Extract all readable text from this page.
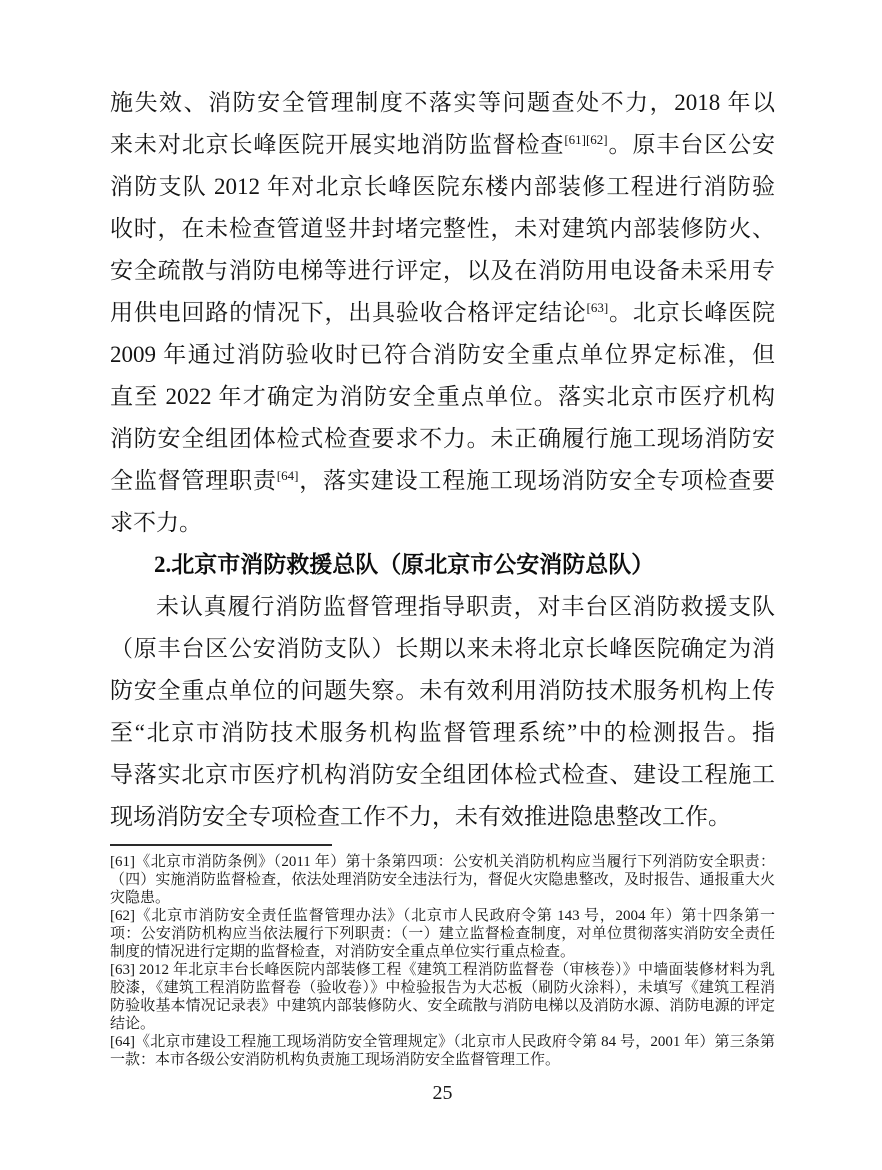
施失效、消防安全管理制度不落实等问题查处不力，2018 年以
来未对北京长峰医院开展实地消防监督检查[61][62]。原丰台区公安
消防支队 2012 年对北京长峰医院东楼内部装修工程进行消防验
收时，在未检查管道竖井封堵完整性，未对建筑内部装修防火、
安全疏散与消防电梯等进行评定，以及在消防用电设备未采用专
用供电回路的情况下，出具验收合格评定结论[63]。北京长峰医院
2009 年通过消防验收时已符合消防安全重点单位界定标准，但
直至 2022 年才确定为消防安全重点单位。落实北京市医疗机构
消防安全组团体检式检查要求不力。未正确履行施工现场消防安
全监督管理职责[64]，落实建设工程施工现场消防安全专项检查要
求不力。
2.北京市消防救援总队（原北京市公安消防总队）
未认真履行消防监督管理指导职责，对丰台区消防救援支队
（原丰台区公安消防支队）长期以来未将北京长峰医院确定为消
防安全重点单位的问题失察。未有效利用消防技术服务机构上传
至“北京市消防技术服务机构监督管理系统”中的检测报告。指
导落实北京市医疗机构消防安全组团体检式检查、建设工程施工
现场消防安全专项检查工作不力，未有效推进隐患整改工作。

[61]《北京市消防条例》（2011 年）第十条第四项：公安机关消防机构应当履行下列消防安全职责：（四）实施消防监督检查，依法处理消防安全违法行为，督促火灾隐患整改，及时报告、通报重大火灾隐患。

[62]《北京市消防安全责任监督管理办法》（北京市人民政府令第 143 号，2004 年）第十四条第一项：公安消防机构应当依法履行下列职责：（一）建立监督检查制度，对单位贯彻落实消防安全责任制度的情况进行定期的监督检查，对消防安全重点单位实行重点检查。

[63] 2012 年北京丰台长峰医院内部装修工程《建筑工程消防监督卷（审核卷）》中墙面装修材料为乳胶漆，《建筑工程消防监督卷（验收卷）》中检验报告为大芯板（刷防火涂料），未填写《建筑工程消防验收基本情况记录表》中建筑内部装修防火、安全疏散与消防电梯以及消防水源、消防电源的评定结论。

[64]《北京市建设工程施工现场消防安全管理规定》（北京市人民政府令第 84 号，2001 年）第三条第一款：本市各级公安消防机构负责施工现场消防安全监督管理工作。

25
